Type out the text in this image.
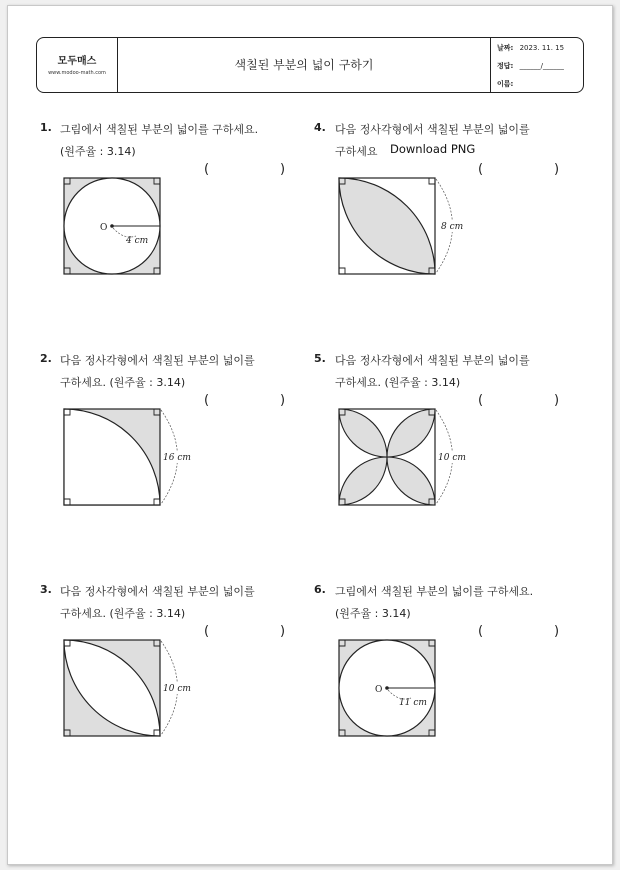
모두매스
www.modoo-math.com
색칠된 부분의 넓이 구하기
날짜: 2023. 11. 15
정답: ______/______
이름:
1. 그림에서 색칠된 부분의 넓이를 구하세요.
(원주율 : 3.14)
(	)
2. 다음 정사각형에서 색칠된 부분의 넓이를
구하세요. (원주율 : 3.14)
(	)
3. 다음 정사각형에서 색칠된 부분의 넓이를
구하세요. (원주율 : 3.14)
(	)
4. 다음 정사각형에서 색칠된 부분의 넓이를
구하세요	Download PNG
(	)
5. 다음 정사각형에서 색칠된 부분의 넓이를
구하세요. (원주율 : 3.14)
(	)
6. 그림에서 색칠된 부분의 넓이를 구하세요.
(원주율 : 3.14)
(	)
O
4 cm
16 cm
10 cm
8 cm
10 cm
O
11 cm
